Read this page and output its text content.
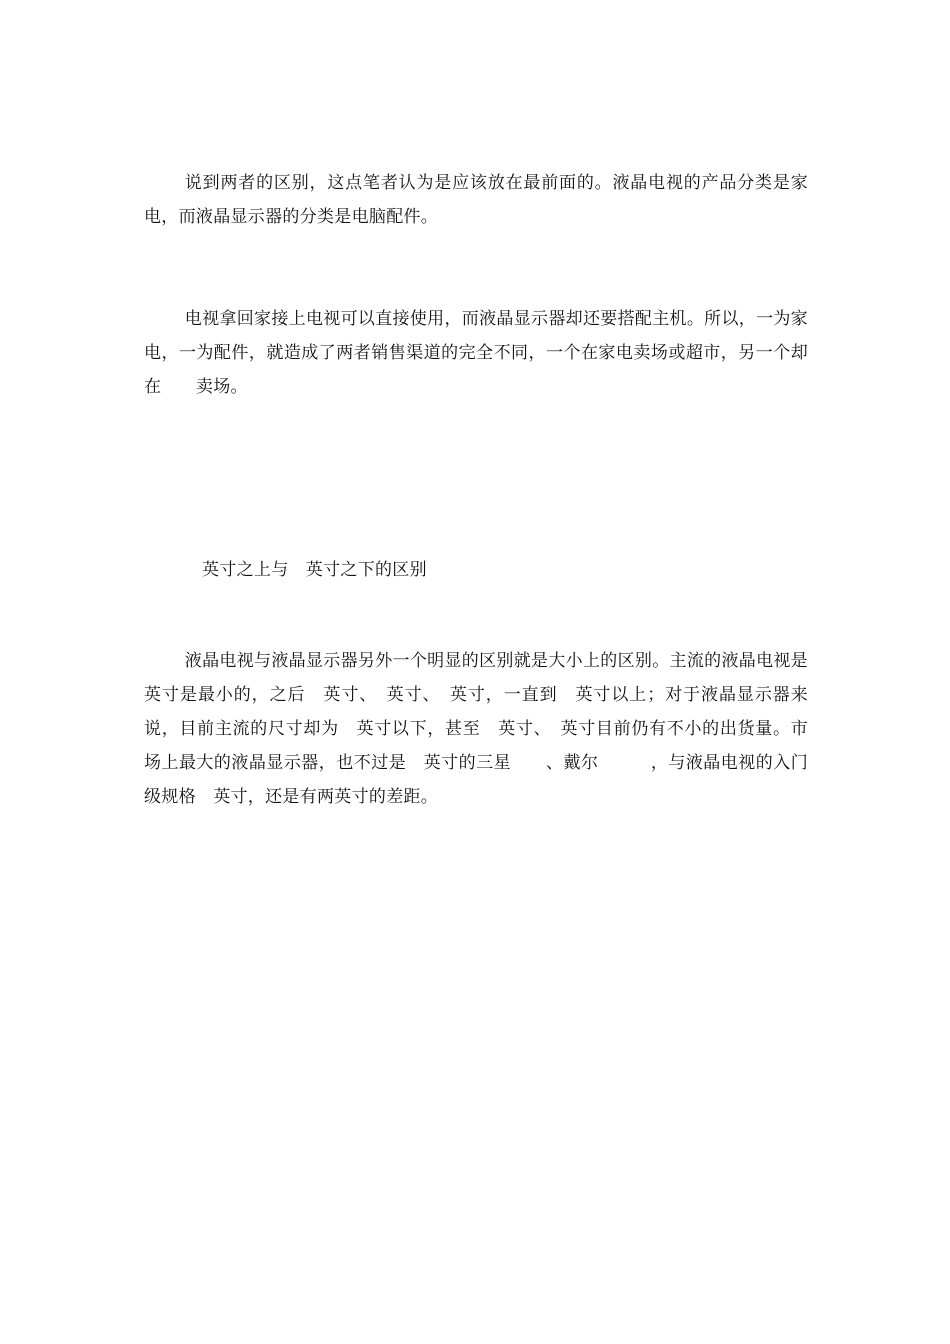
说到两者的区别，这点笔者认为是应该放在最前面的。液晶电视的产品分类是家电，而液晶显示器的分类是电脑配件。

电视拿回家接上电视可以直接使用，而液晶显示器却还要搭配主机。所以，一为家电，一为配件，就造成了两者销售渠道的完全不同，一个在家电卖场或超市，另一个却在　　卖场。

英寸之上与　英寸之下的区别

液晶电视与液晶显示器另外一个明显的区别就是大小上的区别。主流的液晶电视是　英寸是最小的，之后　英寸、　英寸、　英寸，一直到　英寸以上；对于液晶显示器来说，目前主流的尺寸却为　英寸以下，甚至　英寸、　英寸目前仍有不小的出货量。市场上最大的液晶显示器，也不过是　英寸的三星　　、戴尔　　　，与液晶电视的入门级规格　英寸，还是有两英寸的差距。
